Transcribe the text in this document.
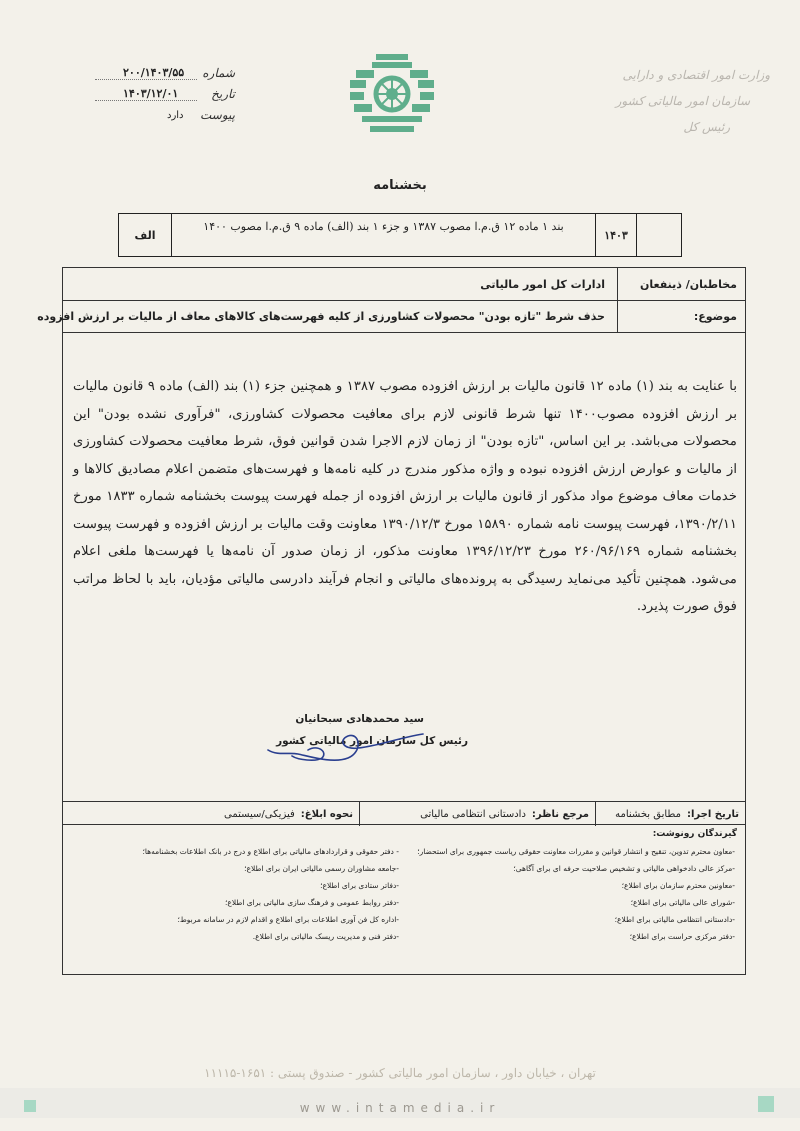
وزارت امور اقتصادی و دارایی
سازمان امور مالیاتی کشور
رئیس کل
شماره
۲۰۰/۱۴۰۳/۵۵
تاریخ
۱۴۰۳/۱۲/۰۱
پیوست
دارد
بخشنامه
۱۴۰۳
بند ۱ ماده ۱۲ ق.م.ا مصوب ۱۳۸۷ و جزء ۱ بند (الف) ماده ۹ ق.م.ا مصوب ۱۴۰۰
الف
مخاطبان/ ذینفعان
ادارات کل امور مالیاتی
موضوع:
حذف شرط "تازه بودن" محصولات کشاورزی از کلیه فهرست‌های کالاهای معاف از مالیات بر ارزش افزوده
با عنایت به بند (۱) ماده ۱۲ قانون مالیات بر ارزش افزوده مصوب ۱۳۸۷ و همچنین جزء (۱) بند (الف) ماده ۹ قانون مالیات بر ارزش افزوده مصوب۱۴۰۰ تنها شرط قانونی لازم برای معافیت محصولات کشاورزی، "فرآوری نشده بودن" این محصولات می‌باشد. بر این اساس، "تازه بودن" از زمان لازم الاجرا شدن قوانین فوق، شرط معافیت محصولات کشاورزی از مالیات و عوارض ارزش افزوده نبوده و واژه مذکور مندرج در کلیه نامه‌ها و فهرست‌های متضمن اعلام مصادیق کالاها و خدمات معاف موضوع مواد مذکور از قانون مالیات بر ارزش افزوده از جمله فهرست پیوست بخشنامه شماره ۱۸۳۳ مورخ ۱۳۹۰/۲/۱۱، فهرست پیوست نامه شماره ۱۵۸۹۰ مورخ ۱۳۹۰/۱۲/۳ معاونت وقت مالیات بر ارزش افزوده و فهرست پیوست بخشنامه شماره ۲۶۰/۹۶/۱۶۹ مورخ ۱۳۹۶/۱۲/۲۳ معاونت مذکور، از زمان صدور آن نامه‌ها یا فهرست‌ها ملغی اعلام می‌شود. همچنین تأکید می‌نماید رسیدگی به پرونده‌های مالیاتی و انجام فرآیند دادرسی مالیاتی مؤدیان، باید با لحاظ مراتب فوق صورت پذیرد.
سید محمدهادی سبحانیان
رئیس کل سازمان امور مالیاتی کشور
تاریخ اجرا:
مطابق بخشنامه
مرجع ناظر:
دادستانی انتظامی مالیاتی
نحوه ابلاغ:
فیزیکی/سیستمی
گیرندگان رونوشت:
-معاون محترم تدوین، تنقیح و انتشار قوانین و مقررات معاونت حقوقی ریاست جمهوری برای استحضار؛
-مرکز عالی دادخواهی مالیاتی و تشخیص صلاحیت حرفه ای برای آگاهی؛
-معاونین محترم سازمان برای اطلاع؛
-شورای عالی مالیاتی برای اطلاع؛
-دادستانی انتظامی مالیاتی برای اطلاع؛
-دفتر مرکزی حراست برای اطلاع؛
- دفتر حقوقی و قراردادهای مالیاتی برای اطلاع و درج در بانک اطلاعات بخشنامه‌ها؛
-جامعه مشاوران رسمی مالیاتی ایران برای اطلاع؛
-دفاتر ستادی برای اطلاع؛
-دفتر روابط عمومی و فرهنگ سازی مالیاتی برای اطلاع؛
-اداره کل فن آوری اطلاعات برای اطلاع و اقدام لازم در سامانه مربوط؛
-دفتر فنی و مدیریت ریسک مالیاتی برای اطلاع.
تهران ، خیابان داور ، سازمان امور مالیاتی کشور - صندوق پستی : ۱۶۵۱-۱۱۱۱۵
www.intamedia.ir
